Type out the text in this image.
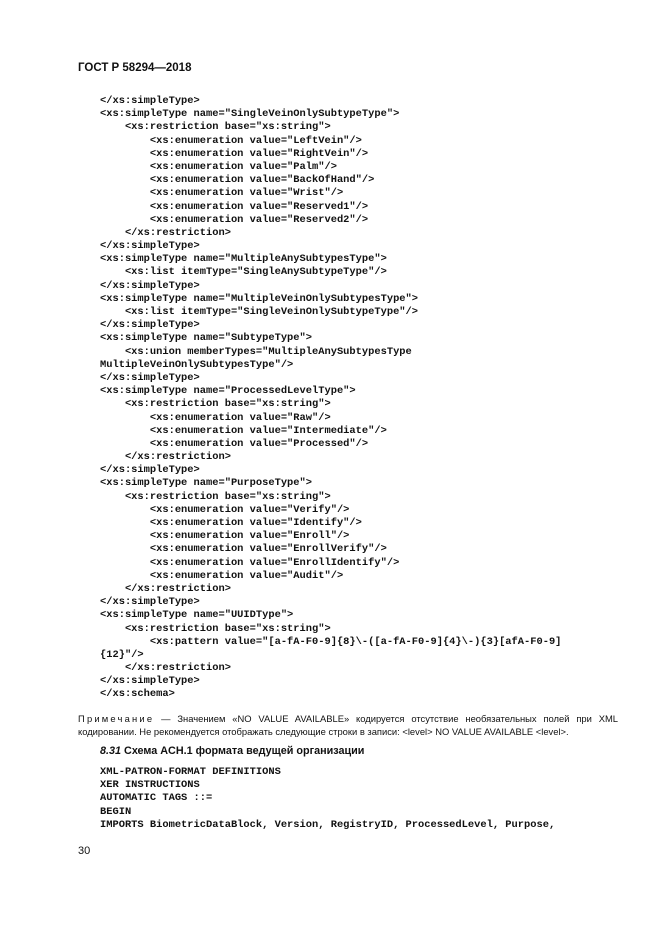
ГОСТ Р 58294—2018
</xs:simpleType>
<xs:simpleType name="SingleVeinOnlySubtypeType">
<xs:restriction base="xs:string">
<xs:enumeration value="LeftVein"/>
<xs:enumeration value="RightVein"/>
<xs:enumeration value="Palm"/>
<xs:enumeration value="BackOfHand"/>
<xs:enumeration value="Wrist"/>
<xs:enumeration value="Reserved1"/>
<xs:enumeration value="Reserved2"/>
</xs:restriction>
</xs:simpleType>
<xs:simpleType name="MultipleAnySubtypesType">
<xs:list itemType="SingleAnySubtypeType"/>
</xs:simpleType>
<xs:simpleType name="MultipleVeinOnlySubtypesType">
<xs:list itemType="SingleVeinOnlySubtypeType"/>
</xs:simpleType>
<xs:simpleType name="SubtypeType">
<xs:union memberTypes="MultipleAnySubtypesType
MultipleVeinOnlySubtypesType"/>
</xs:simpleType>
<xs:simpleType name="ProcessedLevelType">
<xs:restriction base="xs:string">
<xs:enumeration value="Raw"/>
<xs:enumeration value="Intermediate"/>
<xs:enumeration value="Processed"/>
</xs:restriction>
</xs:simpleType>
<xs:simpleType name="PurposeType">
<xs:restriction base="xs:string">
<xs:enumeration value="Verify"/>
<xs:enumeration value="Identify"/>
<xs:enumeration value="Enroll"/>
<xs:enumeration value="EnrollVerify"/>
<xs:enumeration value="EnrollIdentify"/>
<xs:enumeration value="Audit"/>
</xs:restriction>
</xs:simpleType>
<xs:simpleType name="UUIDType">
<xs:restriction base="xs:string">
<xs:pattern value="[a-fA-F0-9]{8}\-([a-fA-F0-9]{4}\-){3}[afA-F0-9]
{12}"/>
</xs:restriction>
</xs:simpleType>
</xs:schema>
Примечание — Значением «NO VALUE AVAILABLE» кодируется отсутствие необязательных полей при XML кодировании. Не рекомендуется отображать следующие строки в записи: <level> NO VALUE AVAILABLE <level>.
8.31 Схема ACH.1 формата ведущей организации
XML-PATRON-FORMAT DEFINITIONS
XER INSTRUCTIONS
AUTOMATIC TAGS ::=
BEGIN
IMPORTS BiometricDataBlock, Version, RegistryID, ProcessedLevel, Purpose,
30
